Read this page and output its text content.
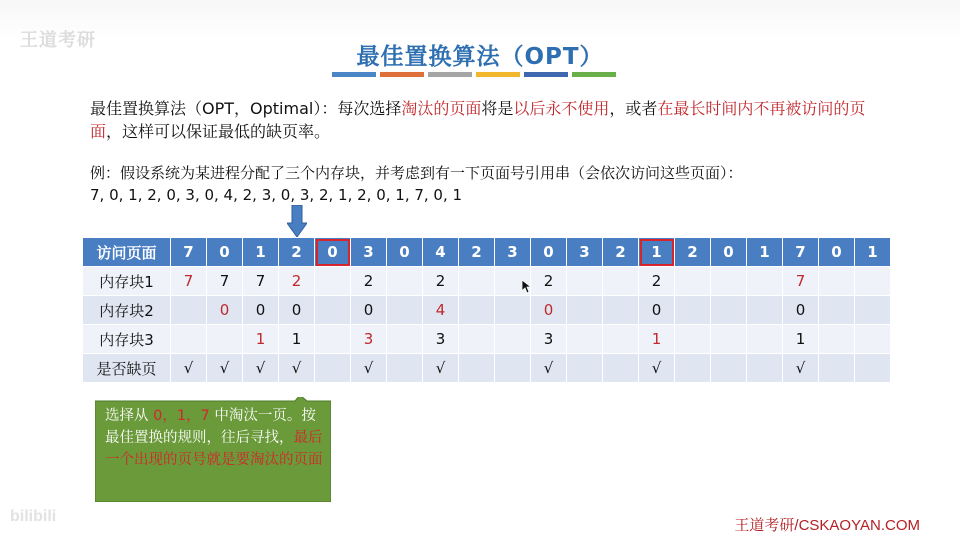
王道考研
bilibili
最佳置换算法（OPT）
最佳置换算法（OPT，Optimal）：每次选择淘汰的页面将是以后永不使用，或者在最长时间内不再被访问的页面，这样可以保证最低的缺页率。
例：假设系统为某进程分配了三个内存块，并考虑到有一下页面号引用串（会依次访问这些页面）：
7, 0, 1, 2, 0, 3, 0, 4, 2, 3, 0, 3, 2, 1, 2, 0, 1, 7, 0, 1
访问页面	7	0	1	2	0	3	0	4	2	3	0	3	2	1	2	0	1	7	0	1
内存块1	7	7	7	2		2		2			2			2				7		
内存块2		0	0	0		0		4			0			0				0		
内存块3			1	1		3		3			3			1				1		
是否缺页	√	√	√	√		√		√			√			√				√		
选择从 0，1，7 中淘汰一页。按最佳置换的规则，往后寻找，最后一个出现的页号就是要淘汰的页面
王道考研/CSKAOYAN.COM
